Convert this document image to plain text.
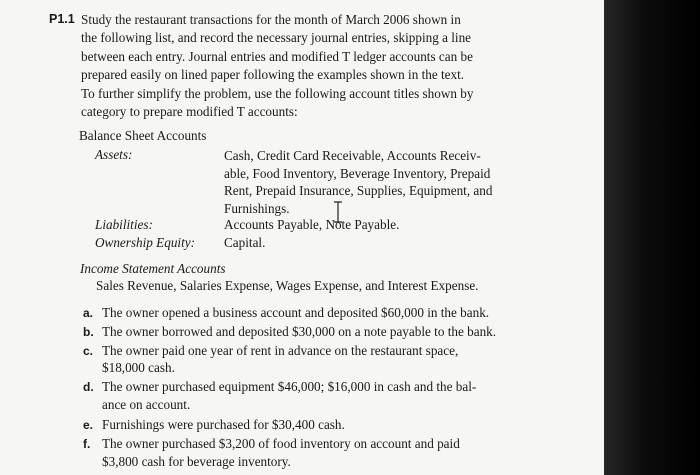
P1.1 Study the restaurant transactions for the month of March 2006 shown in
the following list, and record the necessary journal entries, skipping a line
between each entry. Journal entries and modified T ledger accounts can be
prepared easily on lined paper following the examples shown in the text.
To further simplify the problem, use the following account titles shown by
category to prepare modified T accounts:
Balance Sheet Accounts
Assets:	Cash, Credit Card Receivable, Accounts Receiv-
able, Food Inventory, Beverage Inventory, Prepaid
Rent, Prepaid Insurance, Supplies, Equipment, and
Furnishings.
Liabilities:	Accounts Payable, Note Payable.
Ownership Equity: Capital.
Income Statement Accounts
Sales Revenue, Salaries Expense, Wages Expense, and Interest Expense.
a. The owner opened a business account and deposited $60,000 in the bank.
b. The owner borrowed and deposited $30,000 on a note payable to the bank.
c. The owner paid one year of rent in advance on the restaurant space,
$18,000 cash.
d. The owner purchased equipment $46,000; $16,000 in cash and the bal-
ance on account.
e. Furnishings were purchased for $30,400 cash.
f. The owner purchased $3,200 of food inventory on account and paid
$3,800 cash for beverage inventory.
